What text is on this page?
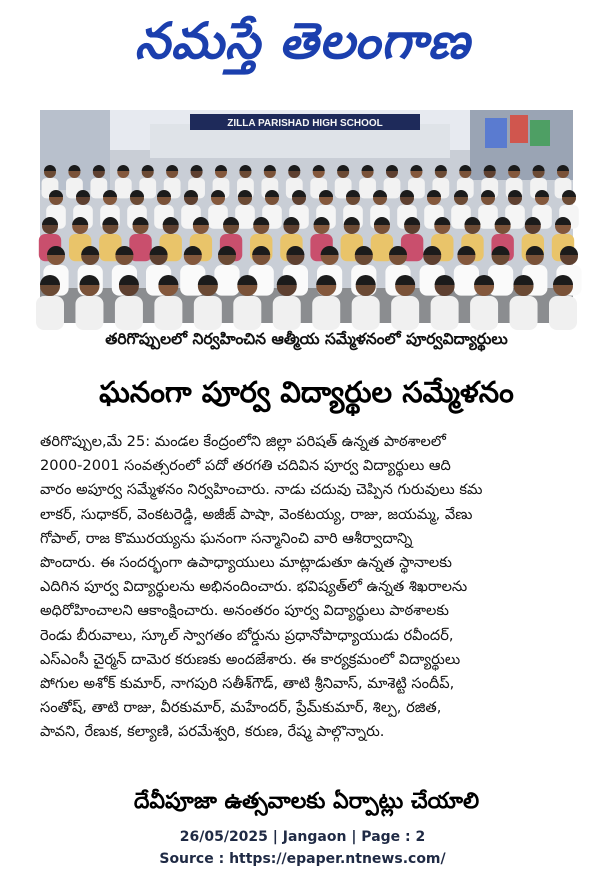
నమస్తే తెలంగాణ
ZILLA PARISHAD HIGH SCHOOL
తరిగొప్పులలో నిర్వహించిన ఆత్మీయ సమ్మేళనంలో పూర్వవిద్యార్థులు
ఘనంగా పూర్వ విద్యార్థుల సమ్మేళనం
తరిగొప్పుల,మే 25: మండల కేంద్రంలోని జిల్లా పరిషత్ ఉన్నత పాఠశాలలో
2000-2001 సంవత్సరంలో పదో తరగతి చదివిన పూర్వ విద్యార్థులు ఆది
వారం అపూర్వ సమ్మేళనం నిర్వహించారు. నాడు చదువు చెప్పిన గురువులు కమ
లాకర్, సుధాకర్, వెంకటరెడ్డి, అజీజ్ పాషా, వెంకటయ్య, రాజు, జయమ్మ, వేణు
గోపాల్, రాజ కొమురయ్యను ఘనంగా సన్మానించి వారి ఆశీర్వాదాన్ని
పొందారు. ఈ సందర్భంగా ఉపాధ్యాయులు మాట్లాడుతూ ఉన్నత స్థానాలకు
ఎదిగిన పూర్వ విద్యార్థులను అభినందించారు. భవిష్యత్‌లో ఉన్నత శిఖరాలను
అధిరోహించాలని ఆకాంక్షించారు. అనంతరం పూర్వ విద్యార్థులు పాఠశాలకు
రెండు బీరువాలు, స్కూల్ స్వాగతం బోర్డును ప్రధానోపాధ్యాయుడు రవీందర్,
ఎస్ఎంసీ చైర్మన్ దామెర కరుణకు అందజేశారు. ఈ కార్యక్రమంలో విద్యార్థులు
పోగుల అశోక్ కుమార్, నాగపురి సతీశ్‌గౌడ్, తాటి శ్రీనివాస్, మాశెట్టి సందీప్,
సంతోష్, తాటి రాజు, వీరకుమార్, మహేందర్, ప్రేమ్‌కుమార్, శిల్ప, రజిత,
పావని, రేణుక, కల్యాణి, పరమేశ్వరి, కరుణ, రేష్మ పాల్గొన్నారు.
దేవీపూజా ఉత్సవాలకు ఏర్పాట్లు చేయాలి
26/05/2025 | Jangaon | Page : 2
Source : https://epaper.ntnews.com/
